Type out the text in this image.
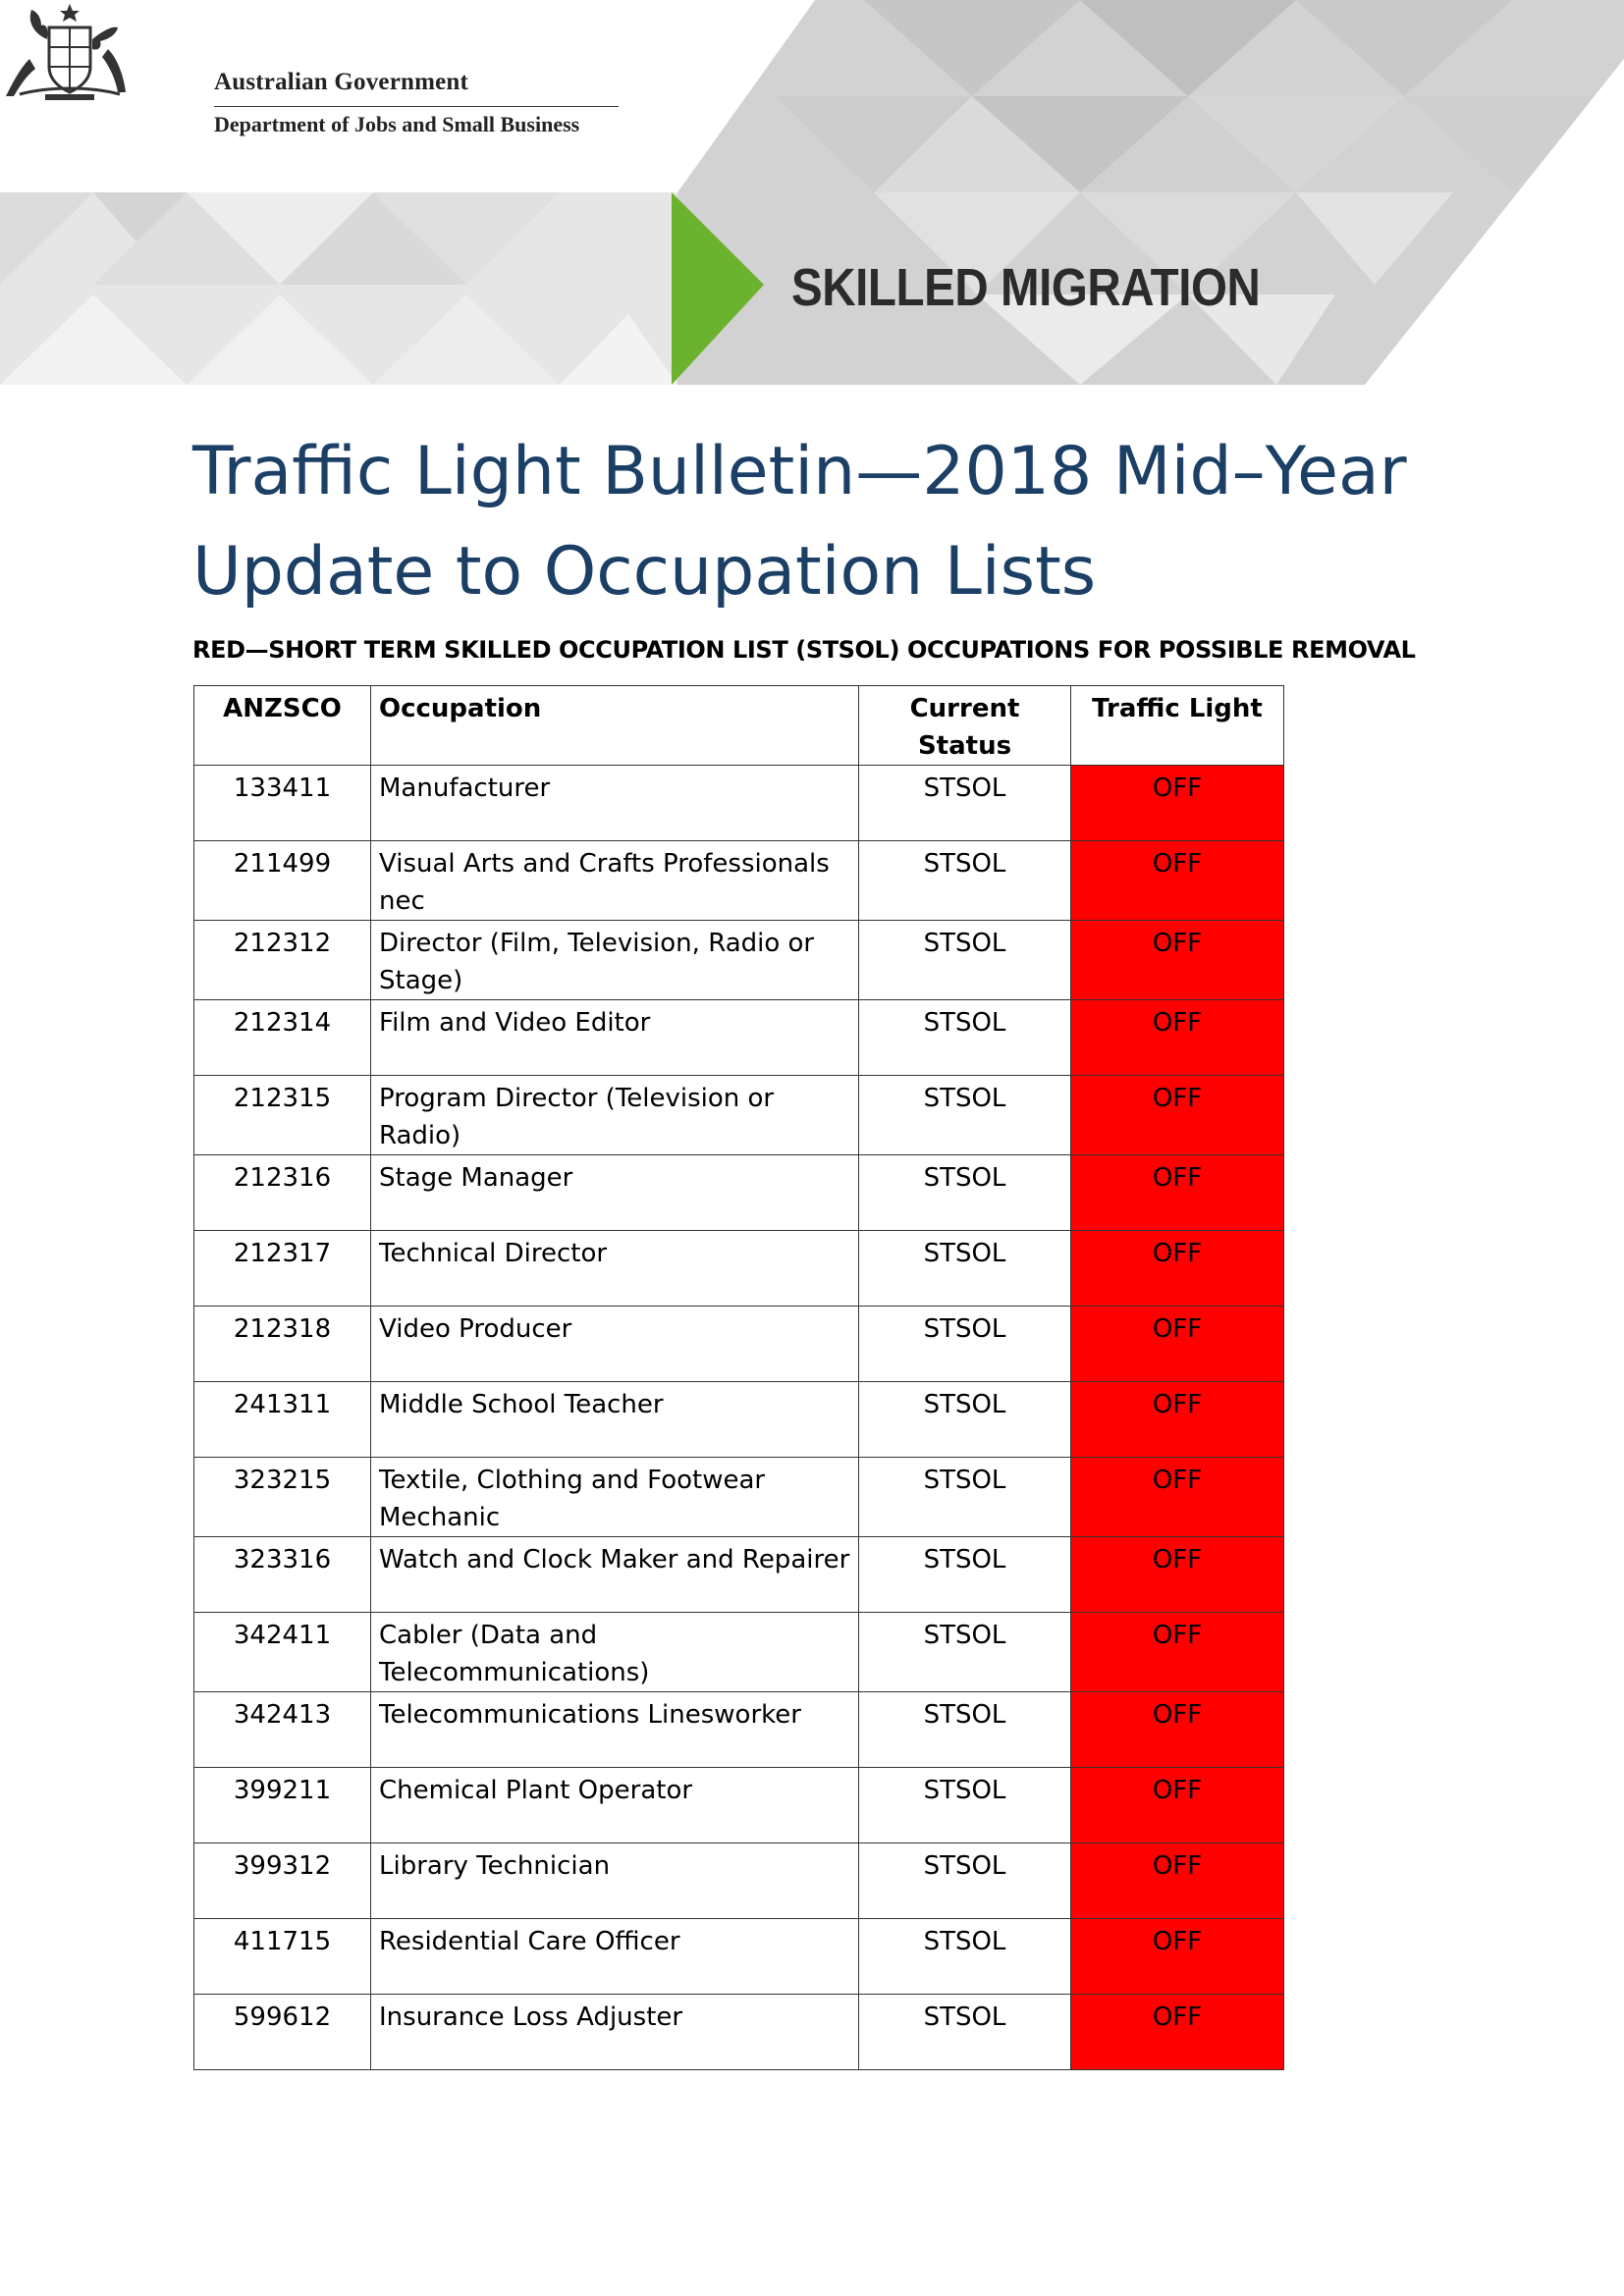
Australian Government
Department of Jobs and Small Business
SKILLED MIGRATION
Traffic Light Bulletin—2018 Mid–Year Update to Occupation Lists
RED—SHORT TERM SKILLED OCCUPATION LIST (STSOL) OCCUPATIONS FOR POSSIBLE REMOVAL
ANZSCO	Occupation	Current Status	Traffic Light
133411	Manufacturer	STSOL	OFF
211499	Visual Arts and Crafts Professionals nec	STSOL	OFF
212312	Director (Film, Television, Radio or Stage)	STSOL	OFF
212314	Film and Video Editor	STSOL	OFF
212315	Program Director (Television or Radio)	STSOL	OFF
212316	Stage Manager	STSOL	OFF
212317	Technical Director	STSOL	OFF
212318	Video Producer	STSOL	OFF
241311	Middle School Teacher	STSOL	OFF
323215	Textile, Clothing and Footwear Mechanic	STSOL	OFF
323316	Watch and Clock Maker and Repairer	STSOL	OFF
342411	Cabler (Data and Telecommunications)	STSOL	OFF
342413	Telecommunications Linesworker	STSOL	OFF
399211	Chemical Plant Operator	STSOL	OFF
399312	Library Technician	STSOL	OFF
411715	Residential Care Officer	STSOL	OFF
599612	Insurance Loss Adjuster	STSOL	OFF
